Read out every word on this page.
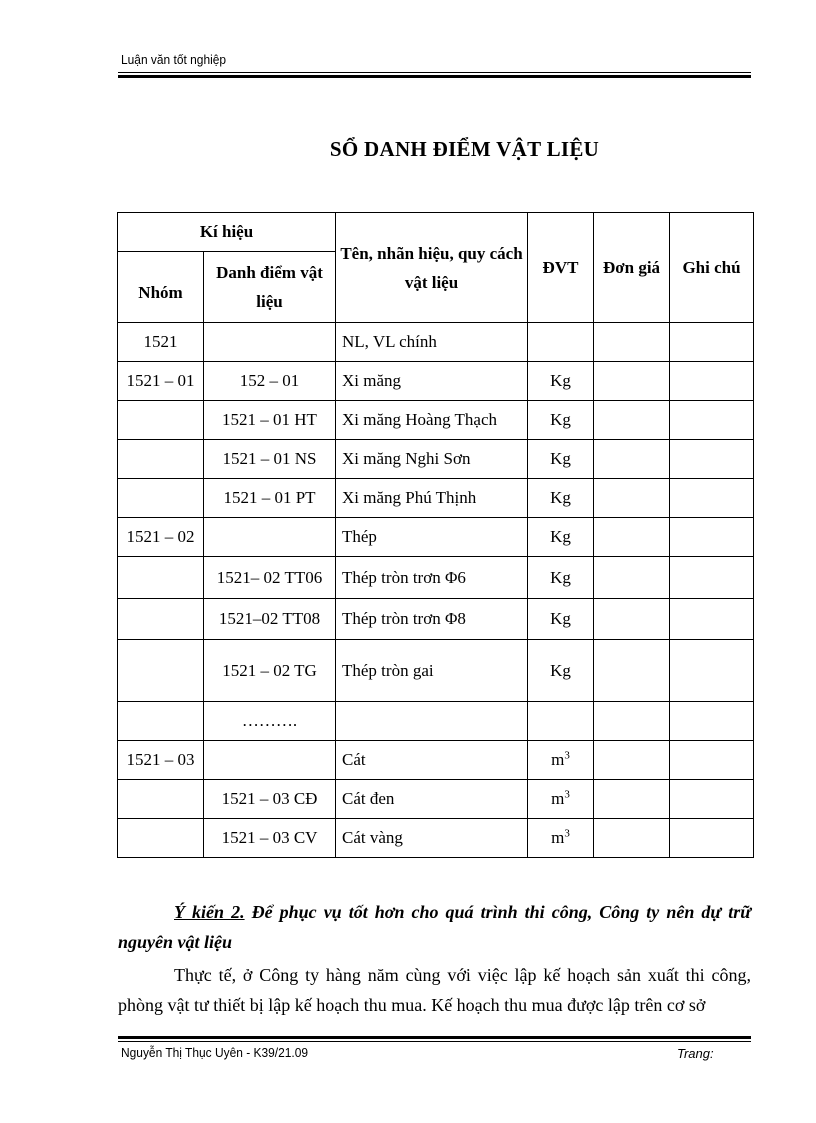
Luận văn tốt nghiệp
SỔ DANH ĐIỂM VẬT LIỆU
Kí hiệu		Tên, nhãn hiệu, quy cách vật liệu	ĐVT	Đơn giá	Ghi chú
Nhóm	Danh điểm vật liệu				
1521		NL, VL chính			
1521 – 01	152 – 01	Xi măng	Kg		
	1521 – 01 HT	Xi măng Hoàng Thạch	Kg		
	1521 – 01 NS	Xi măng Nghi Sơn	Kg		
	1521 – 01 PT	Xi măng Phú Thịnh	Kg		
1521 – 02		Thép	Kg		
	1521– 02 TT06	Thép tròn trơn Φ6	Kg		
	1521–02 TT08	Thép tròn trơn Φ8	Kg		
	1521 – 02 TG	Thép tròn gai	Kg		
	……….				
1521 – 03		Cát	$m^3$		
	1521 – 03 CĐ	Cát đen	$m^3$		
	1521 – 03 CV	Cát vàng	$m^3$		
Ý kiến 2. Để phục vụ tốt hơn cho quá trình thi công, Công ty nên dự trữ nguyên vật liệu
Thực tế, ở Công ty hàng năm cùng với việc lập kế hoạch sản xuất thi công, phòng vật tư thiết bị lập kế hoạch thu mua. Kế hoạch thu mua được lập trên cơ sở
Nguyễn Thị Thục Uyên - K39/21.09	Trang:
